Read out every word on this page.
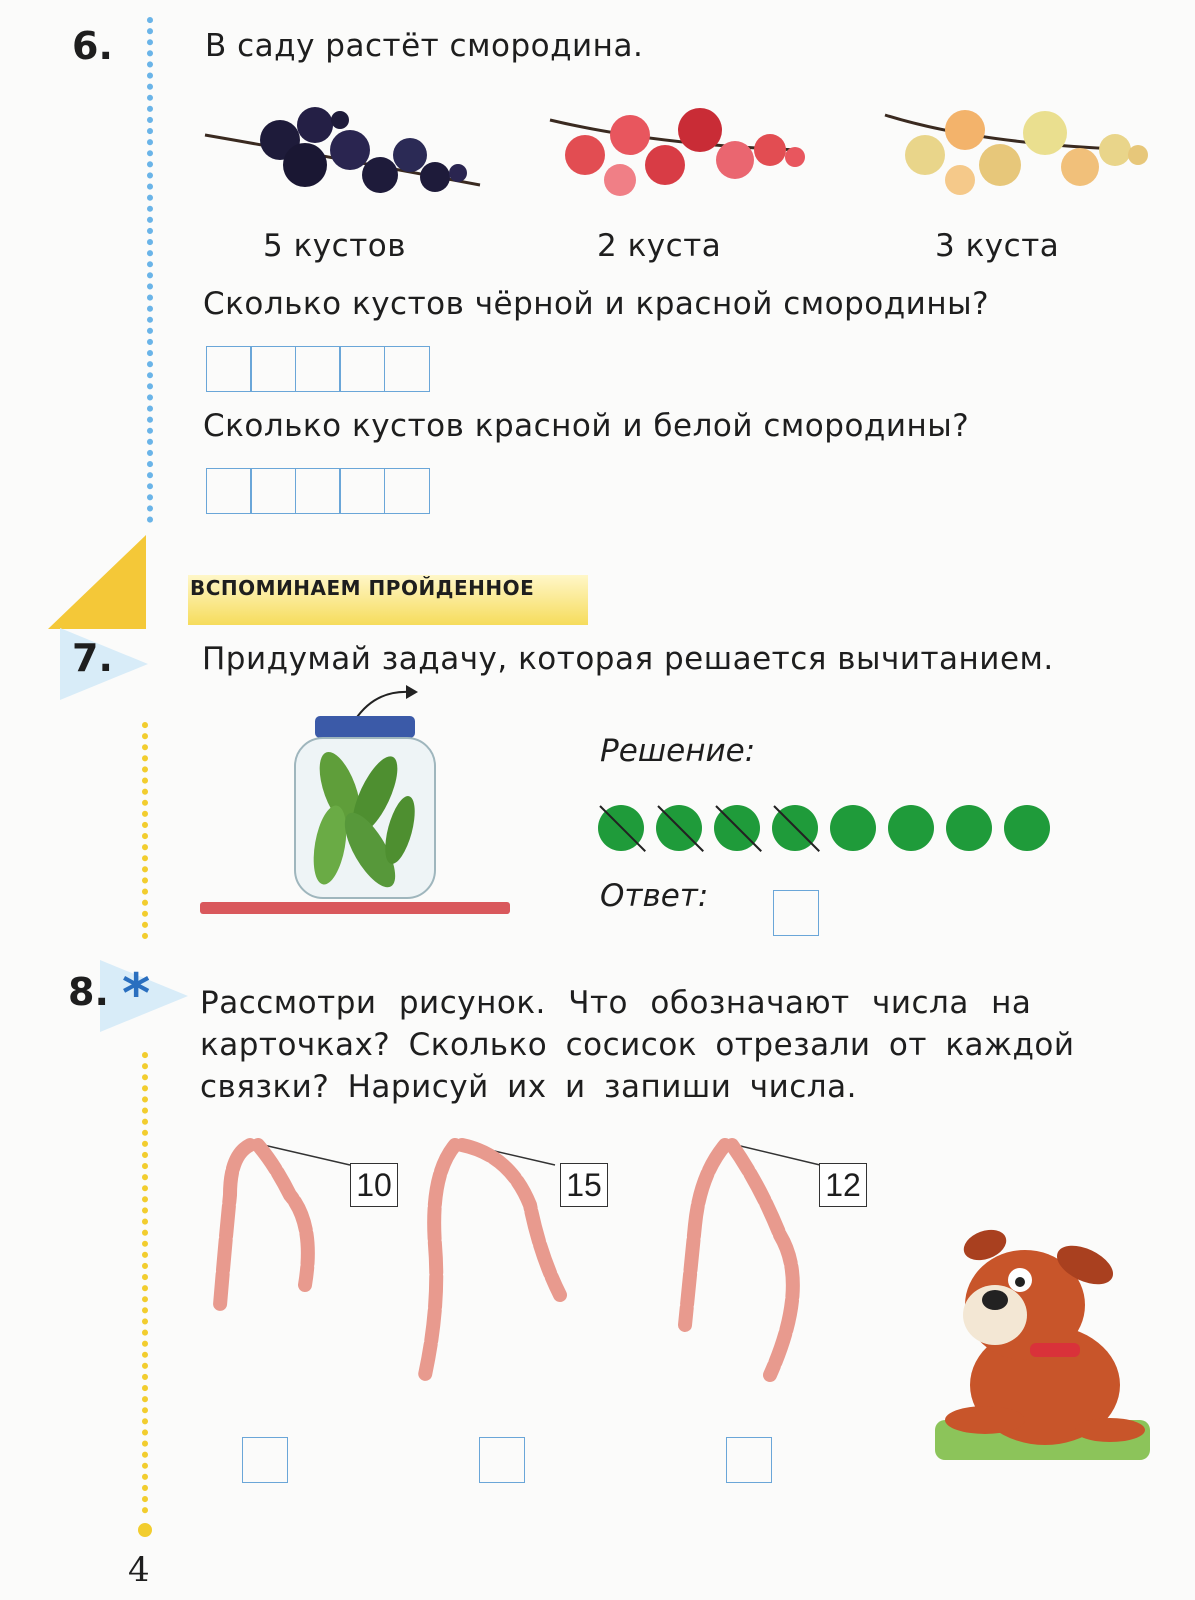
6.	В саду растёт смородина.
5 кустов	2 куста	3 куста
Сколько кустов чёрной и красной смородины?
Сколько кустов красной и белой смородины?
ВСПОМИНАЕМ ПРОЙДЕННОЕ
7.	Придумай задачу, которая решается вычитанием.
Решение:
Ответ:
8. * Рассмотри рисунок. Что обозначают числа на
карточках? Сколько сосисок отрезали от каждой
связки? Нарисуй их и запиши числа.
10	15	12
4
